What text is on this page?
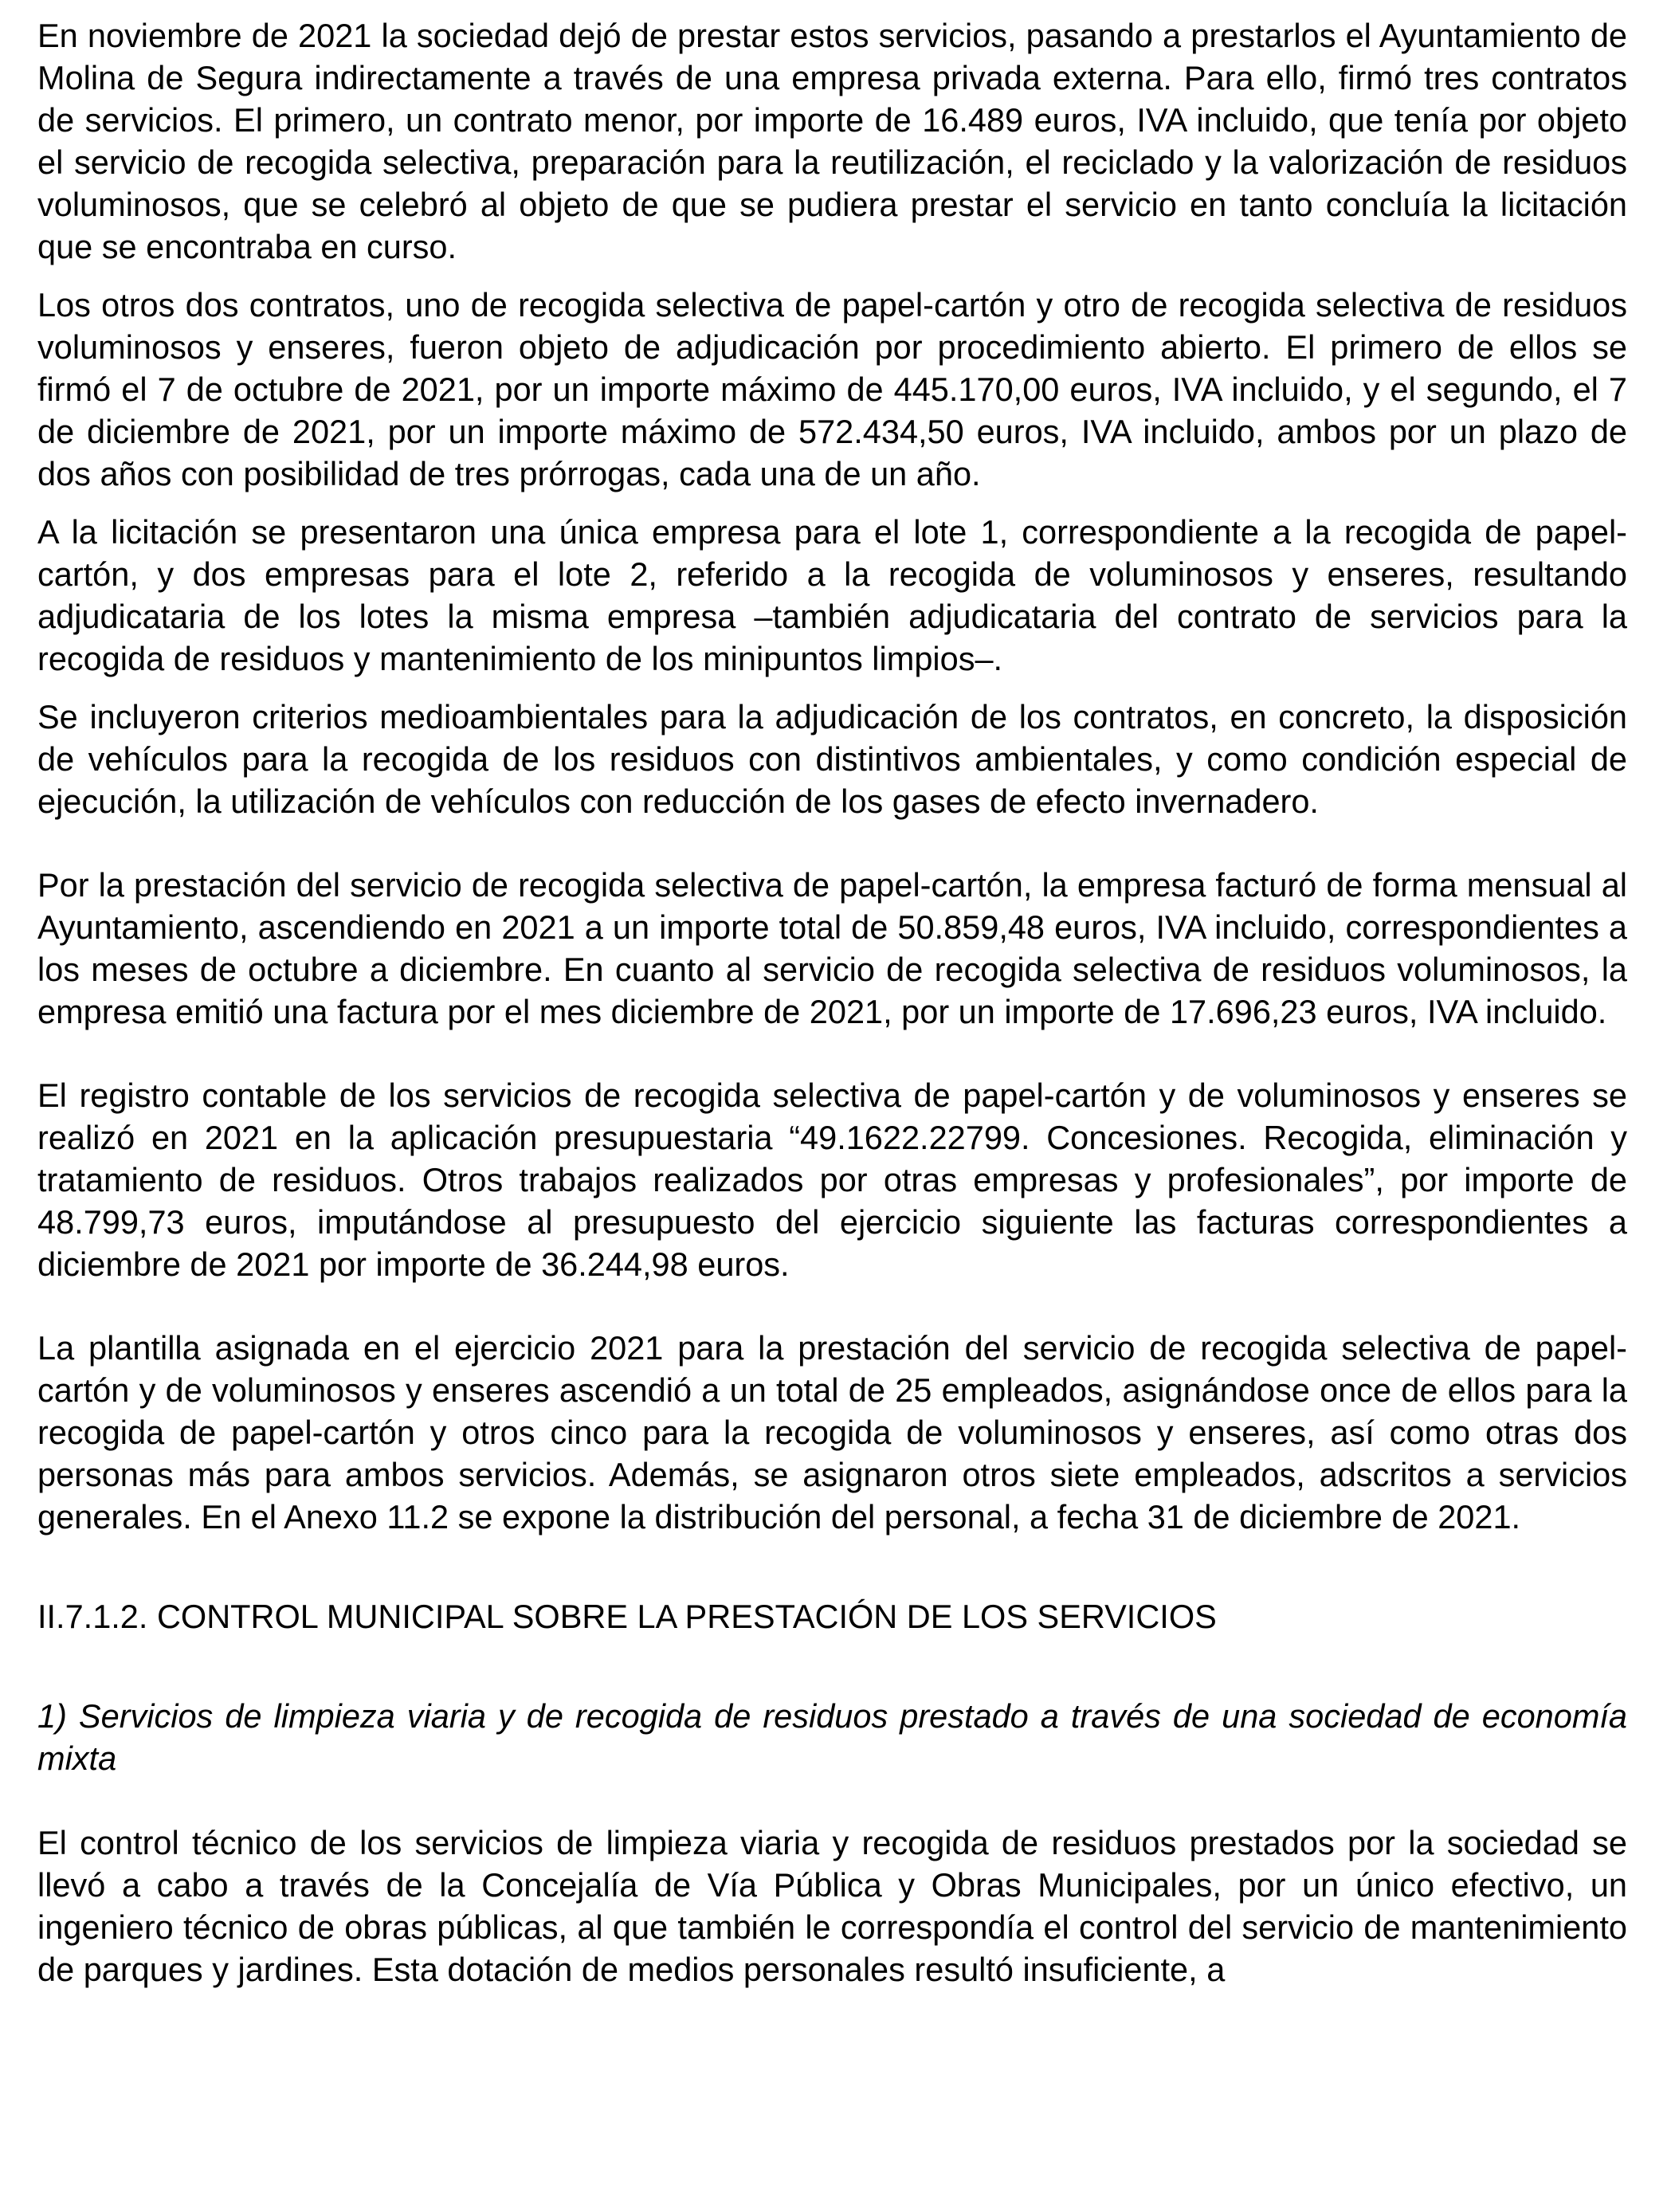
En noviembre de 2021 la sociedad dejó de prestar estos servicios, pasando a prestarlos el Ayuntamiento de Molina de Segura indirectamente a través de una empresa privada externa. Para ello, firmó tres contratos de servicios. El primero, un contrato menor, por importe de 16.489 euros, IVA incluido, que tenía por objeto el servicio de recogida selectiva, preparación para la reutilización, el reciclado y la valorización de residuos voluminosos, que se celebró al objeto de que se pudiera prestar el servicio en tanto concluía la licitación que se encontraba en curso.

Los otros dos contratos, uno de recogida selectiva de papel-cartón y otro de recogida selectiva de residuos voluminosos y enseres, fueron objeto de adjudicación por procedimiento abierto. El primero de ellos se firmó el 7 de octubre de 2021, por un importe máximo de 445.170,00 euros, IVA incluido, y el segundo, el 7 de diciembre de 2021, por un importe máximo de 572.434,50 euros, IVA incluido, ambos por un plazo de dos años con posibilidad de tres prórrogas, cada una de un año.

A la licitación se presentaron una única empresa para el lote 1, correspondiente a la recogida de papel-cartón, y dos empresas para el lote 2, referido a la recogida de voluminosos y enseres, resultando adjudicataria de los lotes la misma empresa –también adjudicataria del contrato de servicios para la recogida de residuos y mantenimiento de los minipuntos limpios–.

Se incluyeron criterios medioambientales para la adjudicación de los contratos, en concreto, la disposición de vehículos para la recogida de los residuos con distintivos ambientales, y como condición especial de ejecución, la utilización de vehículos con reducción de los gases de efecto invernadero.

Por la prestación del servicio de recogida selectiva de papel-cartón, la empresa facturó de forma mensual al Ayuntamiento, ascendiendo en 2021 a un importe total de 50.859,48 euros, IVA incluido, correspondientes a los meses de octubre a diciembre. En cuanto al servicio de recogida selectiva de residuos voluminosos, la empresa emitió una factura por el mes diciembre de 2021, por un importe de 17.696,23 euros, IVA incluido.

El registro contable de los servicios de recogida selectiva de papel-cartón y de voluminosos y enseres se realizó en 2021 en la aplicación presupuestaria “49.1622.22799. Concesiones. Recogida, eliminación y tratamiento de residuos. Otros trabajos realizados por otras empresas y profesionales”, por importe de 48.799,73 euros, imputándose al presupuesto del ejercicio siguiente las facturas correspondientes a diciembre de 2021 por importe de 36.244,98 euros.

La plantilla asignada en el ejercicio 2021 para la prestación del servicio de recogida selectiva de papel-cartón y de voluminosos y enseres ascendió a un total de 25 empleados, asignándose once de ellos para la recogida de papel-cartón y otros cinco para la recogida de voluminosos y enseres, así como otras dos personas más para ambos servicios. Además, se asignaron otros siete empleados, adscritos a servicios generales. En el Anexo 11.2 se expone la distribución del personal, a fecha 31 de diciembre de 2021.

II.7.1.2. CONTROL MUNICIPAL SOBRE LA PRESTACIÓN DE LOS SERVICIOS

1) Servicios de limpieza viaria y de recogida de residuos prestado a través de una sociedad de economía mixta

El control técnico de los servicios de limpieza viaria y recogida de residuos prestados por la sociedad se llevó a cabo a través de la Concejalía de Vía Pública y Obras Municipales, por un único efectivo, un ingeniero técnico de obras públicas, al que también le correspondía el control del servicio de mantenimiento de parques y jardines. Esta dotación de medios personales resultó insuficiente, a
